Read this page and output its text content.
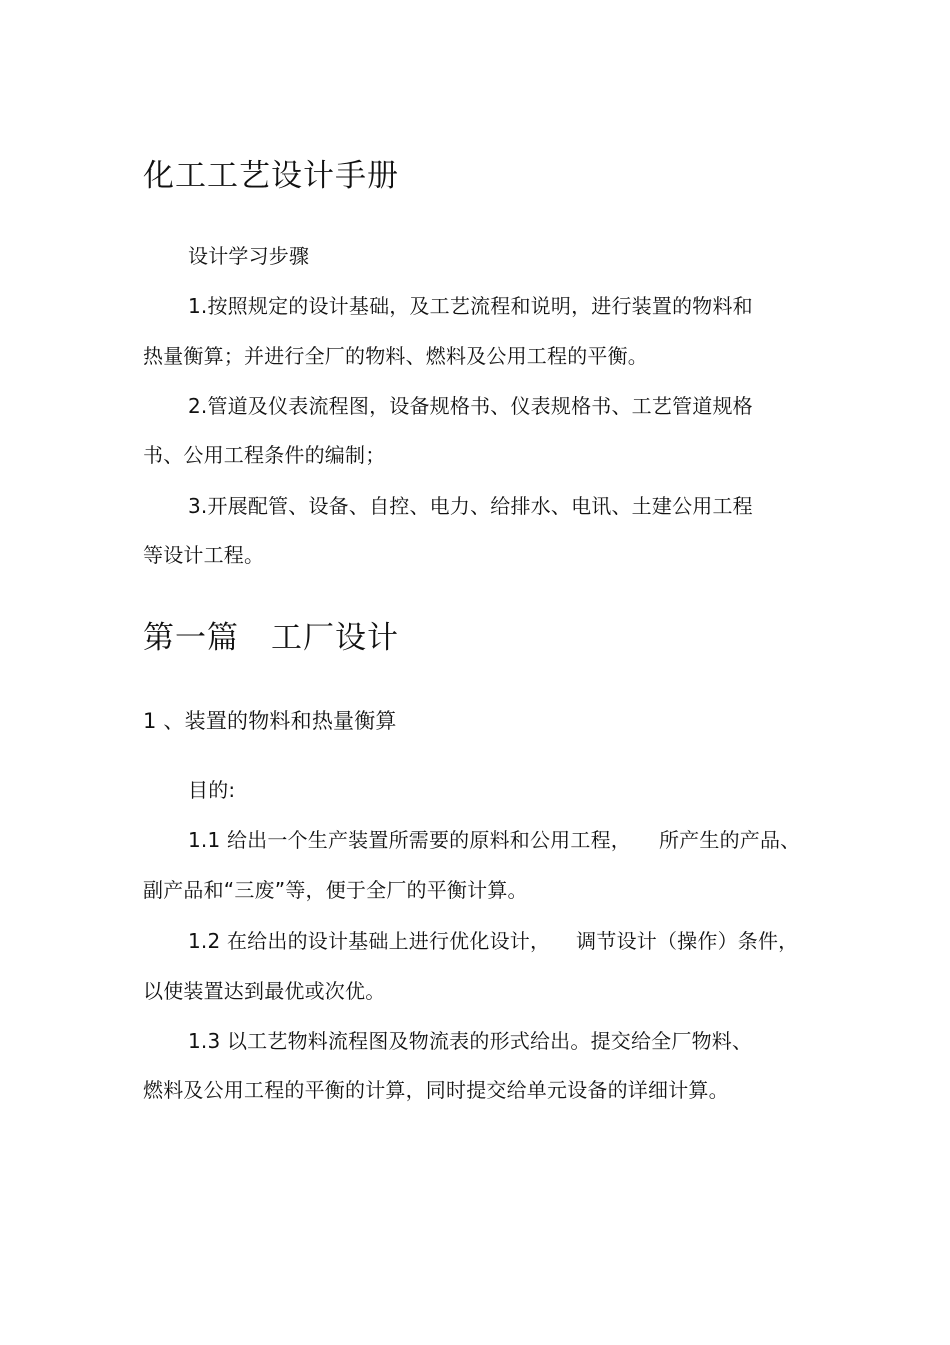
化工工艺设计手册
设计学习步骤
1.按照规定的设计基础，及工艺流程和说明，进行装置的物料和
热量衡算；并进行全厂的物料、燃料及公用工程的平衡。
2.管道及仪表流程图，设备规格书、仪表规格书、工艺管道规格
书、公用工程条件的编制；
3.开展配管、设备、自控、电力、给排水、电讯、土建公用工程
等设计工程。
第一篇 工厂设计
1 、装置的物料和热量衡算
目的:
1.1 给出一个生产装置所需要的原料和公用工程， 所产生的产品、
副产品和“三废”等，便于全厂的平衡计算。
1.2 在给出的设计基础上进行优化设计， 调节设计（操作）条件，
以使装置达到最优或次优。
1.3 以工艺物料流程图及物流表的形式给出。提交给全厂物料、
燃料及公用工程的平衡的计算，同时提交给单元设备的详细计算。
